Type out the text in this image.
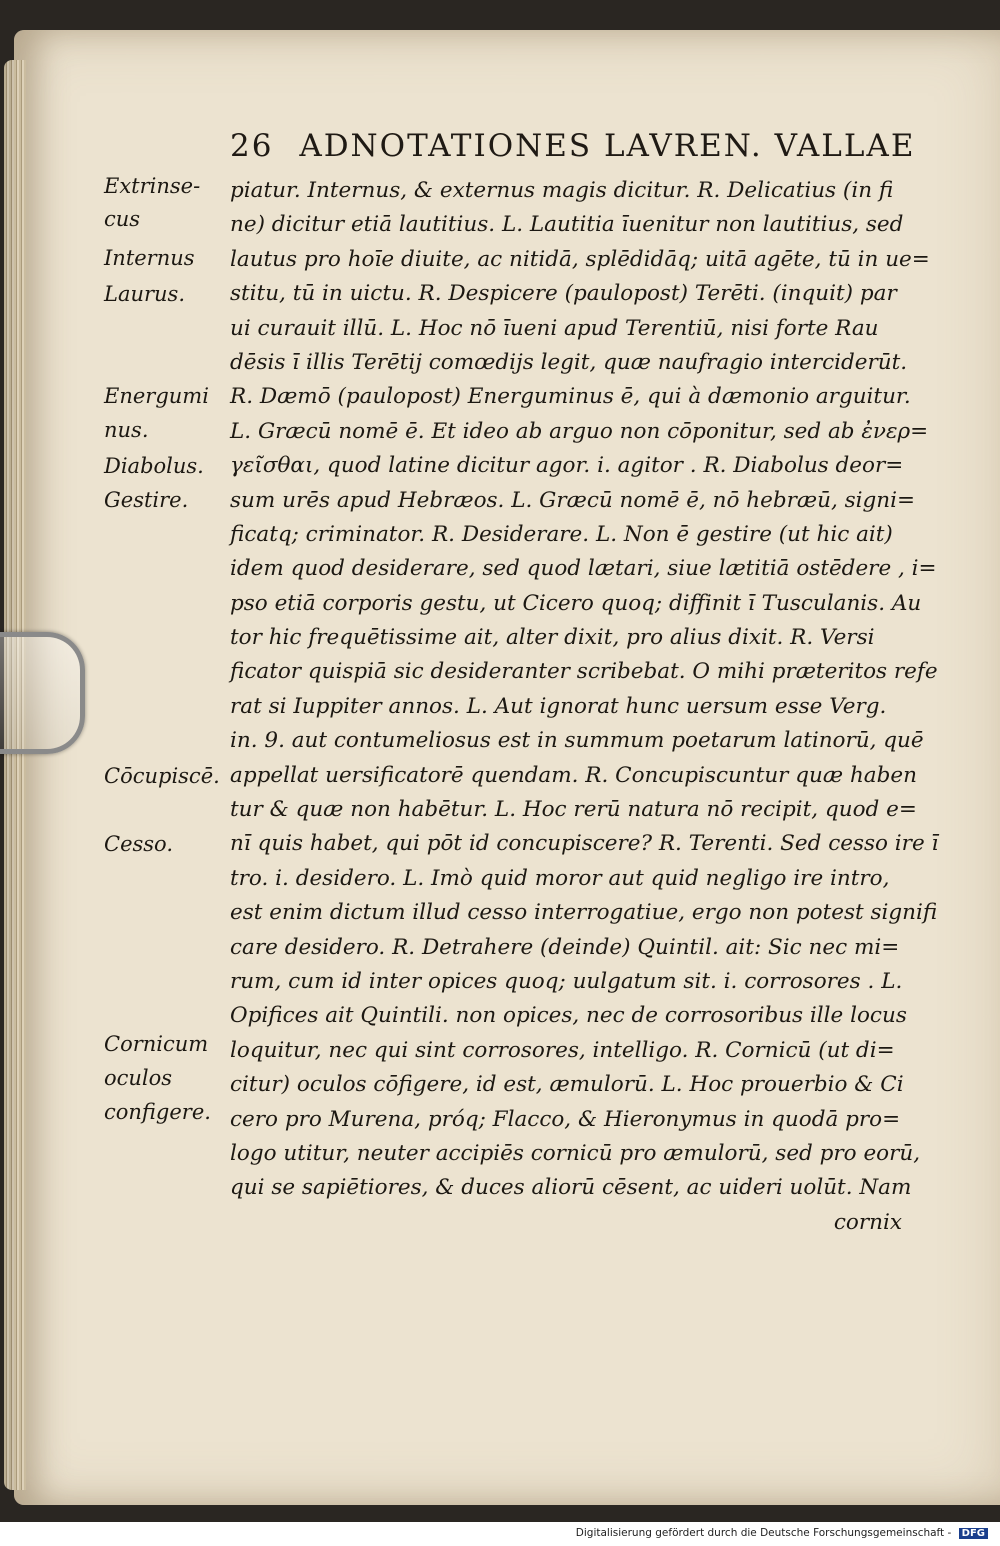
26 ADNOTATIONES LAVREN. VALLAE
Extrinse-
cus
Internus
Laurus.
Energumi
nus.
Diabolus.
Gestire.
Cōcupiscē.
Cesso.
Cornicum
oculos
configere.
piatur. Internus, & externus magis dicitur. R. Delicatius (in fi
ne) dicitur etiā lautitius. L. Lautitia īuenitur non lautitius, sed
lautus pro hoīe diuite, ac nitidā, splēdidāq; uitā agēte, tū in ue=
stitu, tū in uictu. R. Despicere (paulopost) Terēti. (inquit) par
ui curauit illū. L. Hoc nō īueni apud Terentiū, nisi forte Rau
dēsis ī illis Terētij comœdijs legit, quæ naufragio interciderūt.
R. Dæmō (paulopost) Energuminus ē, qui à dæmonio arguitur.
L. Græcū nomē ē. Et ideo ab arguo non cōponitur, sed ab ἐνερ=
γεῖσθαι, quod latine dicitur agor. i. agitor . R. Diabolus deor=
sum urēs apud Hebræos. L. Græcū nomē ē, nō hebræū, signi=
ficatq; criminator. R. Desiderare. L. Non ē gestire (ut hic ait)
idem quod desiderare, sed quod lætari, siue lætitiā ostēdere , i=
pso etiā corporis gestu, ut Cicero quoq; diffinit ī Tusculanis. Au
tor hic frequētissime ait, alter dixit, pro alius dixit. R. Versi
ficator quispiā sic desideranter scribebat. O mihi præteritos refe
rat si Iuppiter annos. L. Aut ignorat hunc uersum esse Verg.
in. 9. aut contumeliosus est in summum poetarum latinorū, quē
appellat uersificatorē quendam. R. Concupiscuntur quæ haben
tur & quæ non habētur. L. Hoc rerū natura nō recipit, quod e=
nī quis habet, qui pōt id concupiscere? R. Terenti. Sed cesso ire ī
tro. i. desidero. L. Imò quid moror aut quid negligo ire intro,
est enim dictum illud cesso interrogatiue, ergo non potest signifi
care desidero. R. Detrahere (deinde) Quintil. ait: Sic nec mi=
rum, cum id inter opices quoq; uulgatum sit. i. corrosores . L.
Opifices ait Quintili. non opices, nec de corrosoribus ille locus
loquitur, nec qui sint corrosores, intelligo. R. Cornicū (ut di=
citur) oculos cōfigere, id est, æmulorū. L. Hoc prouerbio & Ci
cero pro Murena, próq; Flacco, & Hieronymus in quodā pro=
logo utitur, neuter accipiēs cornicū pro æmulorū, sed pro eorū,
qui se sapiētiores, & duces aliorū cēsent, ac uideri uolūt. Nam
cornix
Digitalisierung gefördert durch die Deutsche Forschungsgemeinschaft - DFG
